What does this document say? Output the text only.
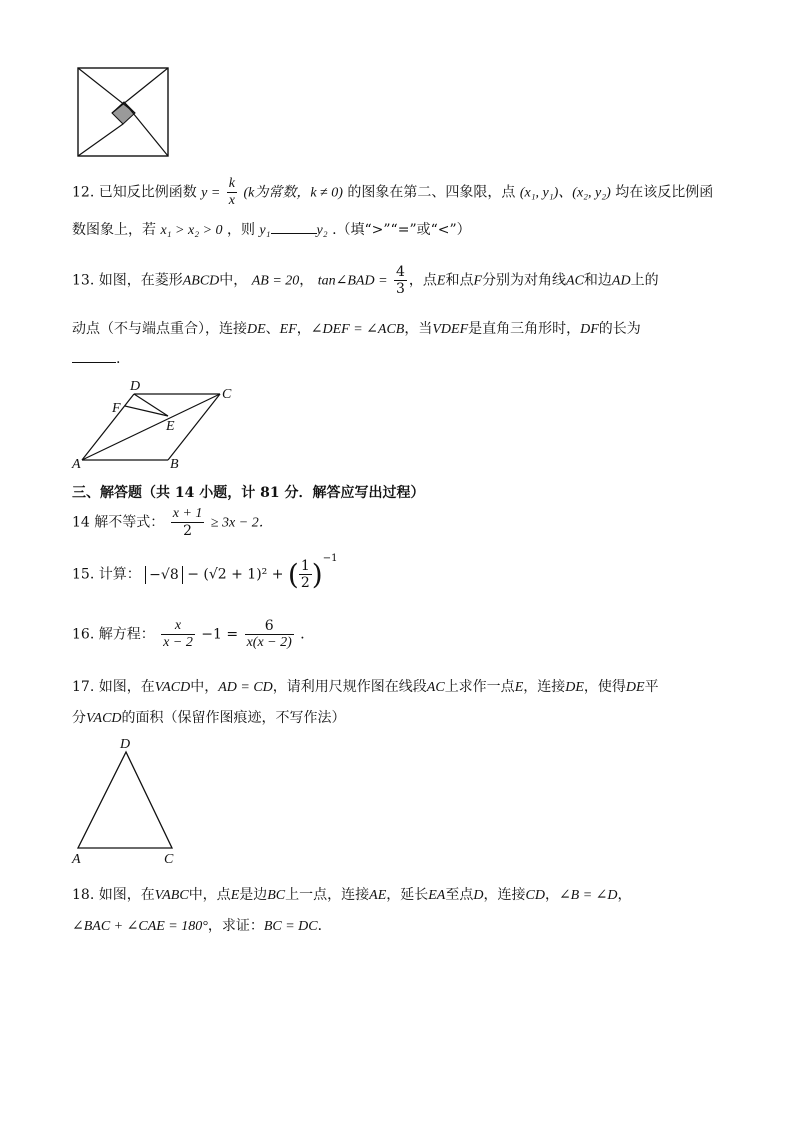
12. 已知反比例函数 $y = \frac{k}{x} (k$为常数，k ≠ 0) 的图象在第二、四象限，点 (x₁, y₁)、(x₂, y₂) 均在该反比例函
数图象上，若 x₁ > x₂ > 0 ，则 y₁	y₂ .（填“>”“=”或“<”）
13. 如图，在菱形ABCD中， AB = 20， tan∠BAD = $\frac{4}{3}$ ，点E和点F分别为对角线AC和边AD上的
动点（不与端点重合），连接DE、EF，∠DEF = ∠ACB，当VDEF是直角三角形时，DF的长为
.
D
C
F
E
A	B
三、解答题（共 14 小题，计 81 分．解答应写出过程）
14 解不等式： $\frac{x + 1}{2} \ge 3x - 2$．
15. 计算： −√8 − (√2 + 1)² + ( $\frac{1}{2} )^{-1}$
16. 解方程： $\frac{x}{x - 2} -1 = \frac{6}{x(x - 2)}$ ．
17. 如图，在VACD中，AD = CD，请利用尺规作图在线段AC上求作一点E，连接DE，使得DE平
分VACD的面积（保留作图痕迹，不写作法）
D
A	C
18. 如图，在VABC中，点E是边BC上一点，连接AE，延长EA至点D，连接CD，∠B = ∠D，
∠BAC + ∠CAE = 180°，求证：BC = DC．
